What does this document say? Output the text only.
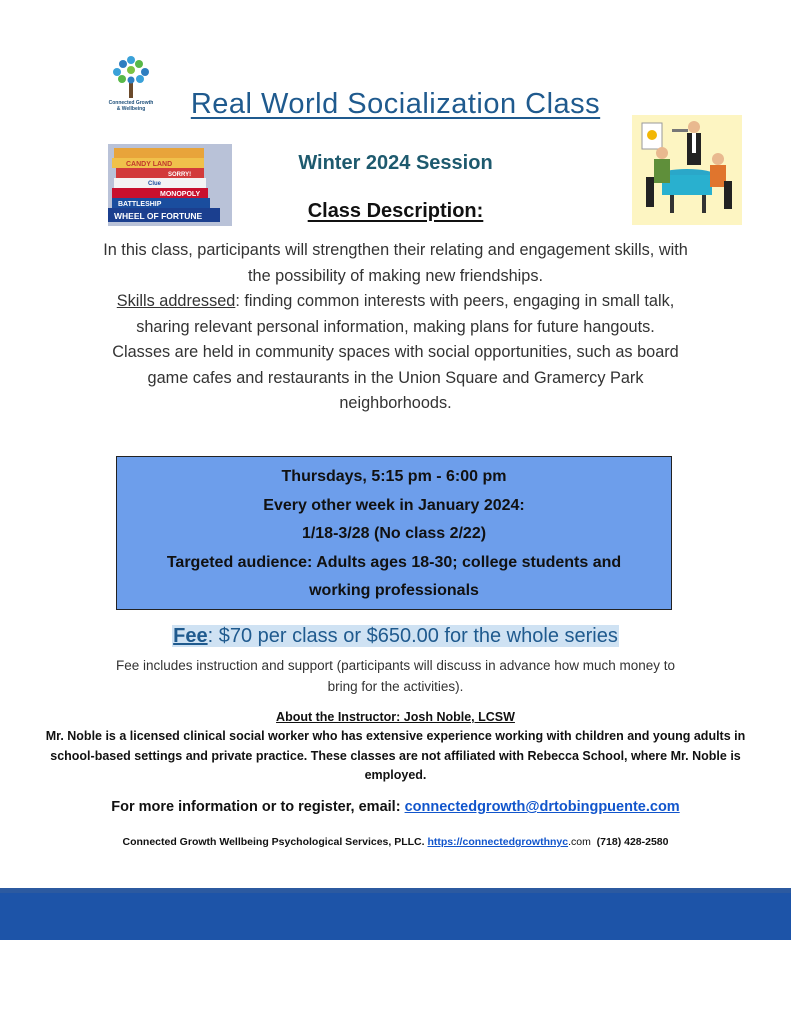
Connected Growth
& Wellbeing	Real World Socialization Class
CANDY LAND
Clue
SORRY!
MONOPOLY
BATTLESHIP
WHEEL OF FORTUNE
Winter 2024 Session
Class Description:

In this class, participants will strengthen their relating and engagement skills, with the possibility of making new friendships.

Skills addressed: finding common interests with peers, engaging in small talk, sharing relevant personal information, making plans for future hangouts.

Classes are held in community spaces with social opportunities, such as board game cafes and restaurants in the Union Square and Gramercy Park neighborhoods.

Thursdays, 5:15 pm - 6:00 pm

Every other week in January 2024:

1/18-3/28 (No class 2/22)

Targeted audience: Adults ages 18-30; college students and

working professionals

Fee: $70 per class or $650.00 for the whole series
Fee includes instruction and support (participants will discuss in advance how much money to bring for the activities).
About the Instructor: Josh Noble, LCSW
Mr. Noble is a licensed clinical social worker who has extensive experience working with children and young adults in school-based settings and private practice. These classes are not affiliated with Rebecca School, where Mr. Noble is employed.
For more information or to register, email: connectedgrowth@drtobingpuente.com
Connected Growth Wellbeing Psychological Services, PLLC. https://connectedgrowthnyc.com  (718) 428-2580
